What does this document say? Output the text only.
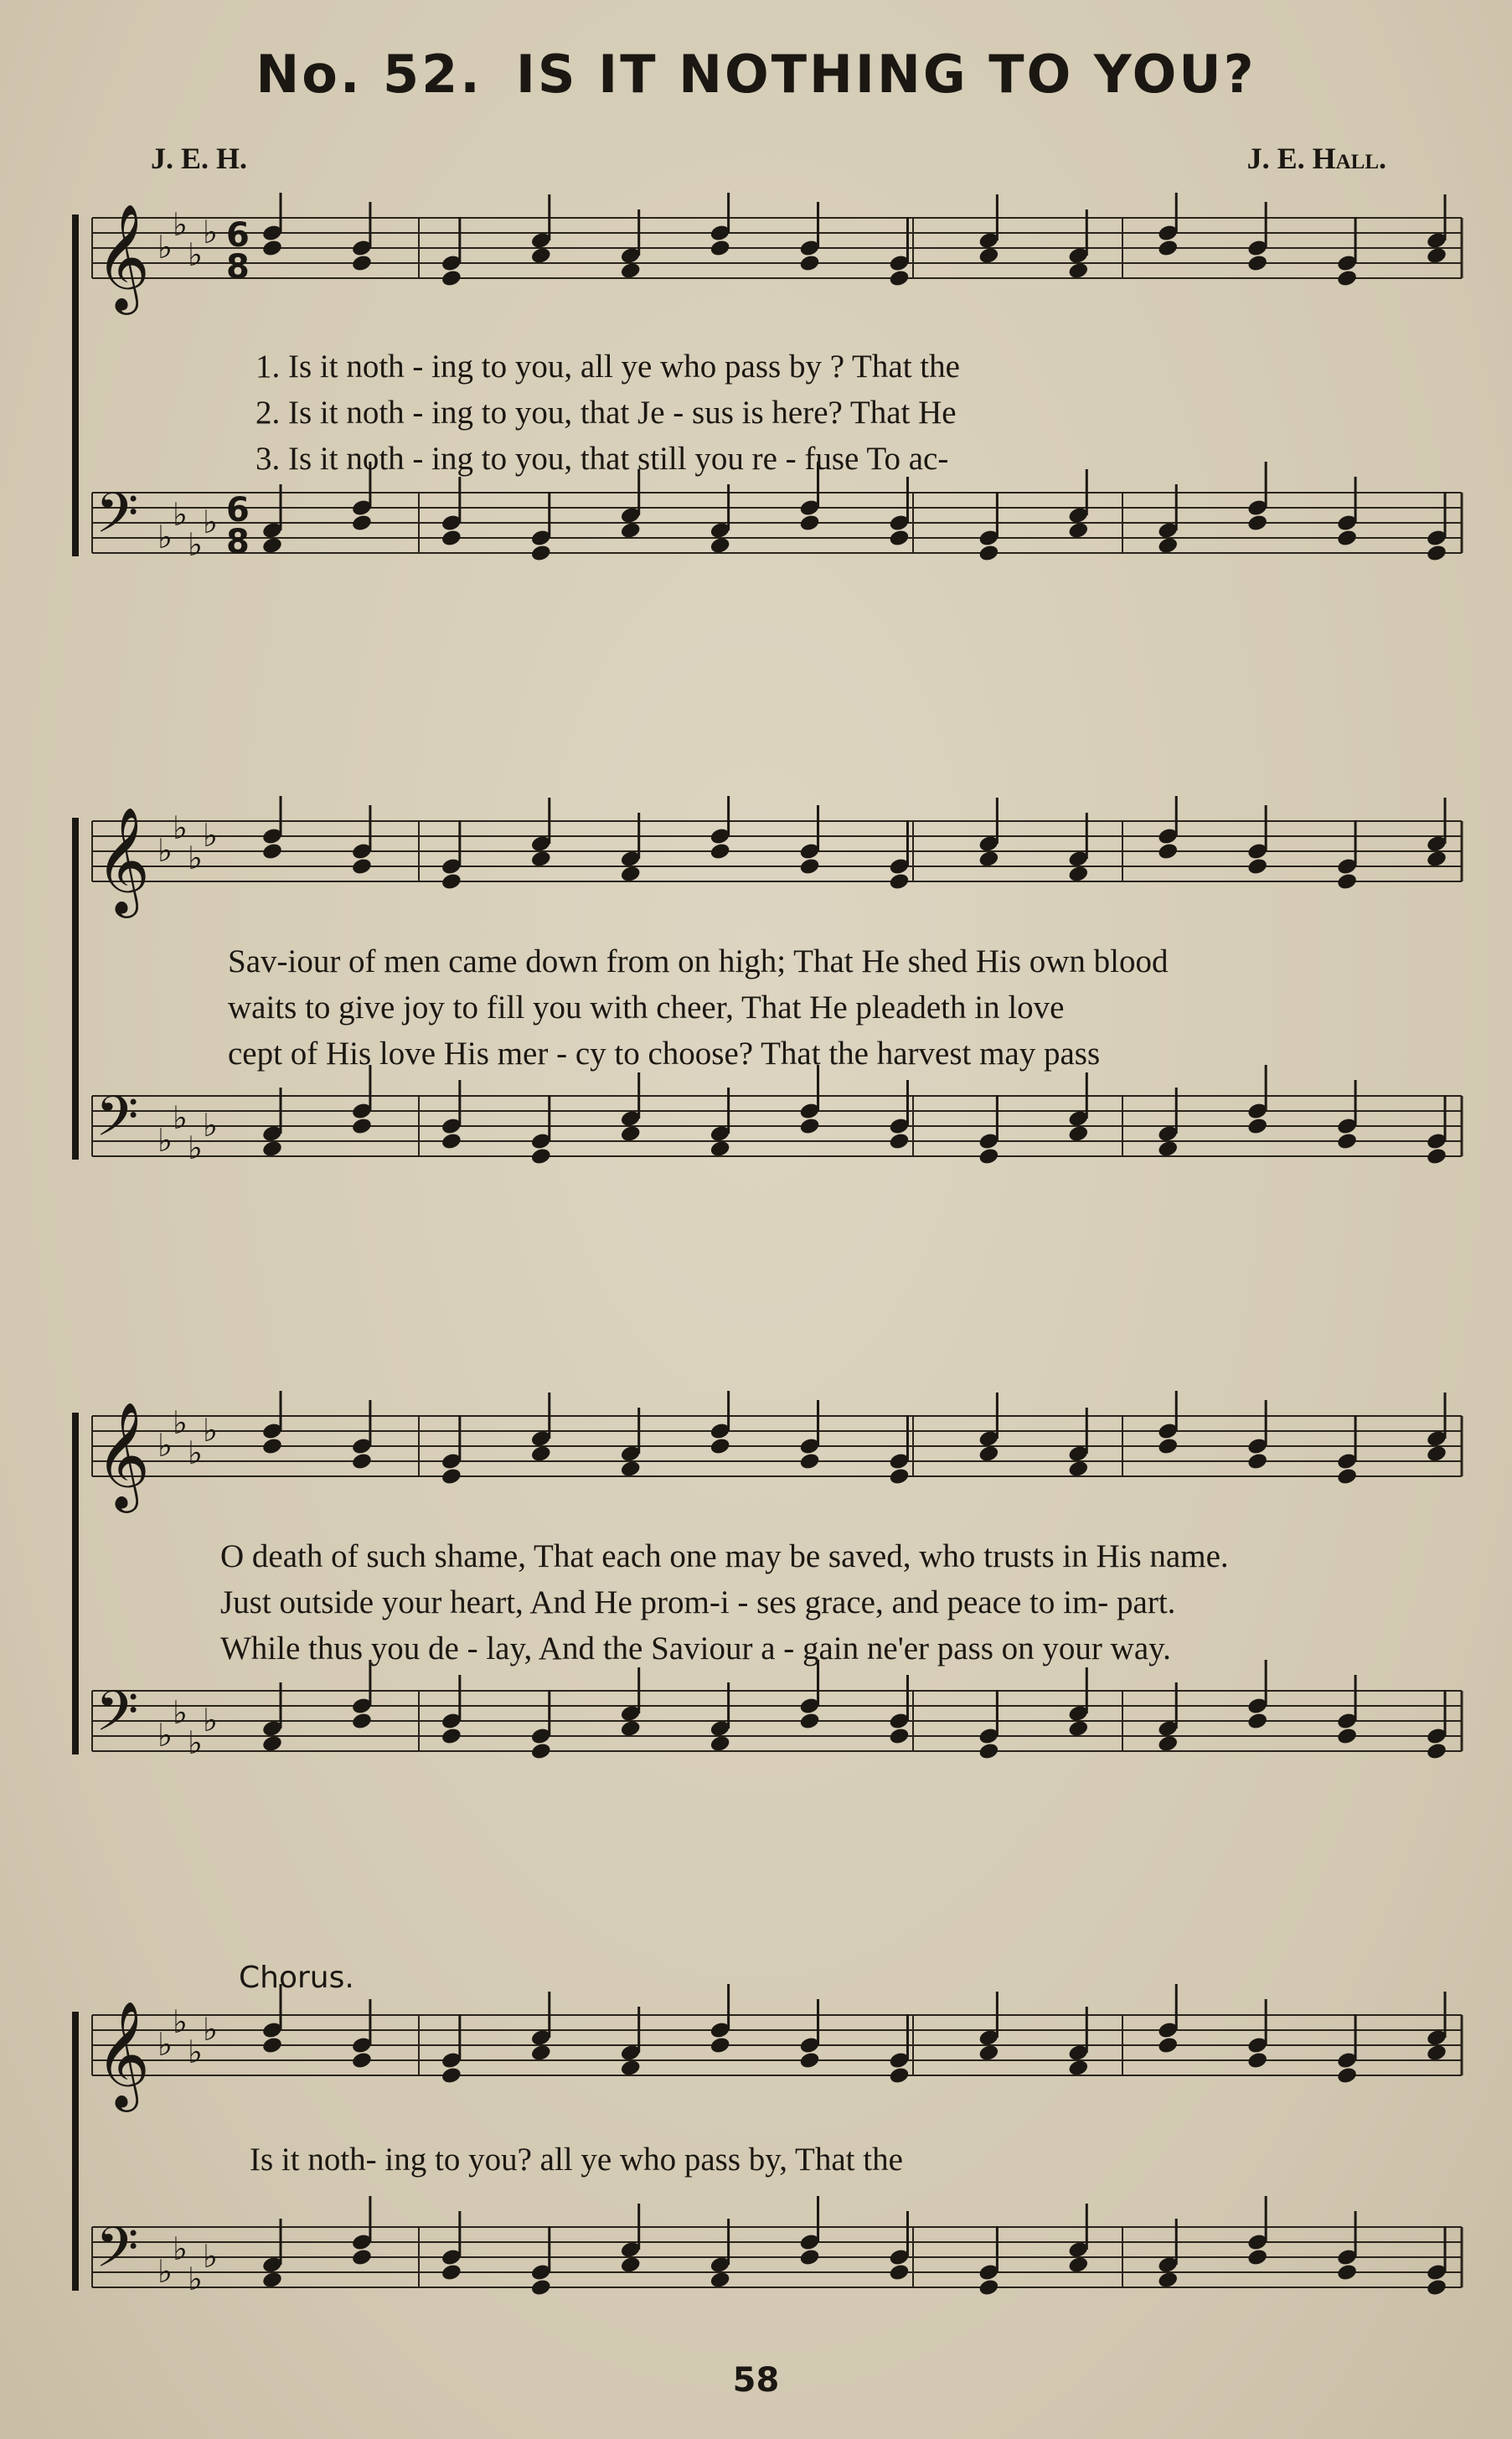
No. 52. IS IT NOTHING TO YOU?
J. E. H.	J. E. Hall.
𝄞 ♭
♭
♭
♭ 6
8
𝄢 ♭
♭
♭
♭ 6
8
1. Is it noth - ing to you, all ye who pass by ? That the
2. Is it noth - ing to you, that Je - sus is here? That He
3. Is it noth - ing to you, that still you re - fuse To ac-
𝄞 ♭
♭
♭
♭
𝄢 ♭
♭
♭
♭
Sav-iour of men came down from on high; That He shed His own blood
waits to give joy to fill you with cheer, That He pleadeth in love
cept of His love His mer - cy to choose? That the harvest may pass
𝄞 ♭
♭
♭
♭
𝄢 ♭
♭
♭
♭
O death of such shame, That each one may be saved, who trusts in His name.
Just outside your heart, And He prom-i - ses grace, and peace to im- part.
While thus you de - lay, And the Saviour a - gain ne'er pass on your way.
Chorus.
𝄞 ♭
♭
♭
♭
𝄢 ♭
♭
♭
♭
Is it noth- ing to you? all ye who pass by, That the
58
